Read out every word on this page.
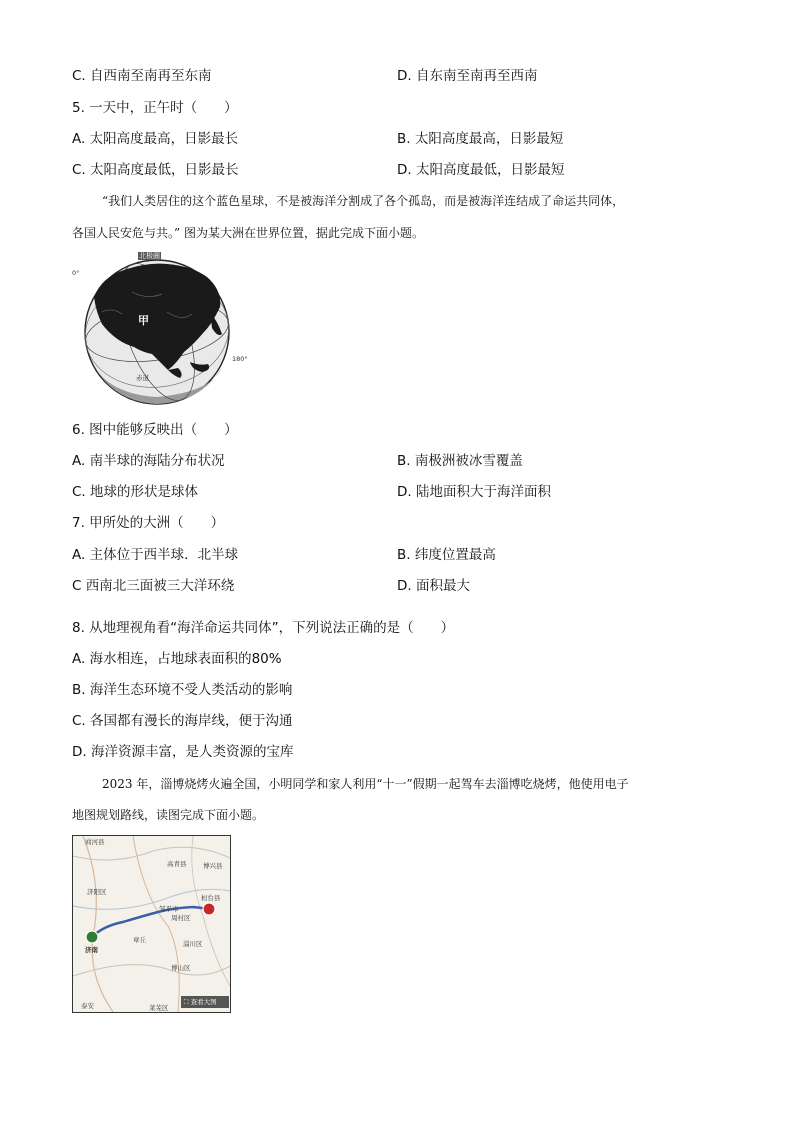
C. 自西南至南再至东南	D. 自东南至南再至西南
5. 一天中，正午时（　　）
A. 太阳高度最高，日影最长	B. 太阳高度最高，日影最短
C. 太阳高度最低，日影最长	D. 太阳高度最低，日影最短
“我们人类居住的这个蓝色星球，不是被海洋分割成了各个孤岛，而是被海洋连结成了命运共同体，
各国人民安危与共。” 图为某大洲在世界位置，据此完成下面小题。
北极圈
甲
0°
180°
赤道
6. 图中能够反映出（　　）
A. 南半球的海陆分布状况	B. 南极洲被冰雪覆盖
C. 地球的形状是球体	D. 陆地面积大于海洋面积
7. 甲所处的大洲（　　）
A. 主体位于西半球．北半球	B. 纬度位置最高
C 西南北三面被三大洋环绕	D. 面积最大
8. 从地理视角看“海洋命运共同体”，下列说法正确的是（　　）
A. 海水相连，占地球表面积的80%
B. 海洋生态环境不受人类活动的影响
C. 各国都有漫长的海岸线，便于沟通
D. 海洋资源丰富，是人类资源的宝库
2023 年，淄博烧烤火遍全国，小明同学和家人利用“十一”假期一起驾车去淄博吃烧烤，他使用电子
地图规划路线，读图完成下面小题。
商河县
高青县	博兴县
桓台县
济阳区
邹平市
周村区
章丘	淄川区
博山区
济南
泰安	莱芜区
⛶ 查看大图
